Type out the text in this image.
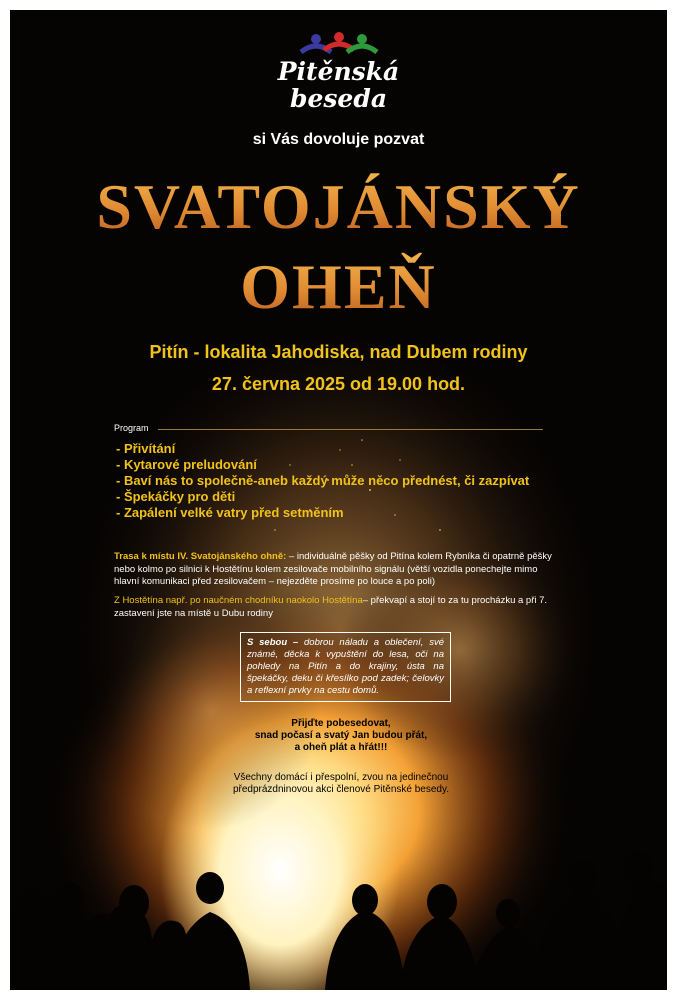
Pitěnská
beseda
si Vás dovoluje pozvat
SVATOJÁNSKÝ
OHEŇ
Pitín - lokalita Jahodiska, nad Dubem rodiny
27. června 2025 od 19.00 hod.
Program
- Přivítání
- Kytarové preludování
- Baví nás to společně-aneb každý může něco přednést, či zazpívat
- Špekáčky pro děti
- Zapálení velké vatry před setměním
Trasa k místu IV. Svatojánského ohně: – individuálně pěšky od Pitína kolem Rybníka či opatrně pěšky nebo kolmo po silnici k Hostětínu kolem zesilovače mobilního signálu (větší vozidla ponechejte mimo hlavní komunikaci před zesilovačem – nejezděte prosíme po louce a po poli)
Z Hostětína např. po naučném chodníku naokolo Hostětína– překvapí a stojí to za tu procházku a při 7. zastavení jste na místě u Dubu rodiny
S sebou – dobrou náladu a oblečení, své známé, děcka k vypuštění do lesa, oči na pohledy na Pitín a do krajiny, ústa na špekáčky, deku či křesílko pod zadek; čelovky a reflexní prvky na cestu domů.
Přijďte pobesedovat,
snad počasí a svatý Jan budou přát,
a oheň plát a hřát!!!
Všechny domácí i přespolní, zvou na jedinečnou
předprázdninovou akci členové Pitěnské besedy.
